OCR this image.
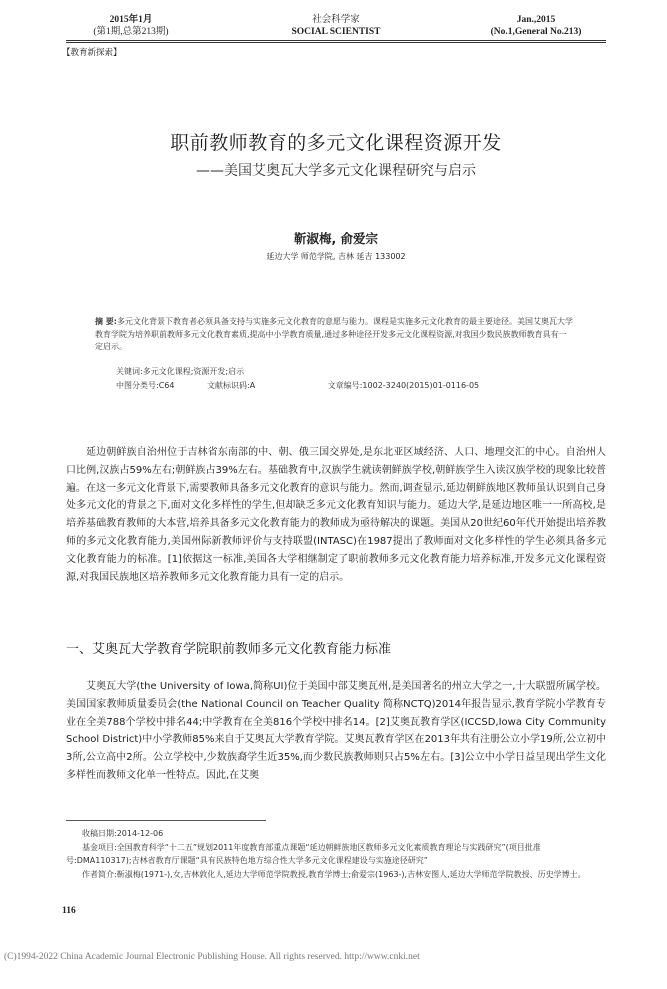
2015年1月
(第1期,总第213期)
社会科学家
SOCIAL SCIENTIST
Jan.,2015
(No.1,General No.213)
【教育新探索】
职前教师教育的多元文化课程资源开发
——美国艾奥瓦大学多元文化课程研究与启示
靳淑梅, 俞爱宗
延边大学 师范学院, 吉林 延吉 133002
摘 要:多元文化背景下教育者必须具备支持与实施多元文化教育的意愿与能力。课程是实施多元文化教育的最主要途径。美国艾奥瓦大学教育学院为培养职前教师多元文化教育素质,提高中小学教育质量,通过多种途径开发多元文化课程资源,对我国少数民族教师教育具有一定启示。
关键词:多元文化课程;资源开发;启示
中图分类号:C64	文献标识码:A	文章编号:1002-3240(2015)01-0116-05

延边朝鲜族自治州位于吉林省东南部的中、朝、俄三国交界处,是东北亚区域经济、人口、地理交汇的中心。自治州人口比例,汉族占59%左右;朝鲜族占39%左右。基础教育中,汉族学生就读朝鲜族学校,朝鲜族学生入读汉族学校的现象比较普遍。在这一多元文化背景下,需要教师具备多元文化教育的意识与能力。然而,调查显示,延边朝鲜族地区教师虽认识到自己身处多元文化的背景之下,面对文化多样性的学生,但却缺乏多元文化教育知识与能力。延边大学,是延边地区唯一一所高校,是培养基础教育教师的大本营,培养具备多元文化教育能力的教师成为亟待解决的课题。美国从20世纪60年代开始提出培养教师的多元文化教育能力,美国州际新教师评价与支持联盟(INTASC)在1987提出了教师面对文化多样性的学生必须具备多元文化教育能力的标准。[1]依据这一标准,美国各大学相继制定了职前教师多元文化教育能力培养标准,开发多元文化课程资源,对我国民族地区培养教师多元文化教育能力具有一定的启示。

一、艾奥瓦大学教育学院职前教师多元文化教育能力标准

艾奥瓦大学(the University of Iowa,简称UI)位于美国中部艾奥瓦州,是美国著名的州立大学之一,十大联盟所属学校。美国国家教师质量委员会(the National Council on Teacher Quality 简称NCTQ)2014年报告显示,教育学院小学教育专业在全美788个学校中排名44;中学教育在全美816个学校中排名14。[2]艾奥瓦教育学区(ICCSD,Iowa City Community School District)中小学教师85%来自于艾奥瓦大学教育学院。艾奥瓦教育学区在2013年共有注册公立小学19所,公立初中3所,公立高中2所。公立学校中,少数族裔学生近35%,而少数民族教师则只占5%左右。[3]公立中小学日益呈现出学生文化多样性而教师文化单一性特点。因此,在艾奥

收稿日期:2014-12-06

基金项目:全国教育科学“十二五”规划2011年度教育部重点课题“延边朝鲜族地区教师多元文化素质教育理论与实践研究”(项目批准号:DMA110317);吉林省教育厅课题“具有民族特色地方综合性大学多元文化课程建设与实施途径研究”

作者简介:靳淑梅(1971-),女,吉林敦化人,延边大学师范学院教授,教育学博士;俞爱宗(1963-),吉林安图人,延边大学师范学院教授、历史学博士。

116
(C)1994-2022 China Academic Journal Electronic Publishing House. All rights reserved. http://www.cnki.net
